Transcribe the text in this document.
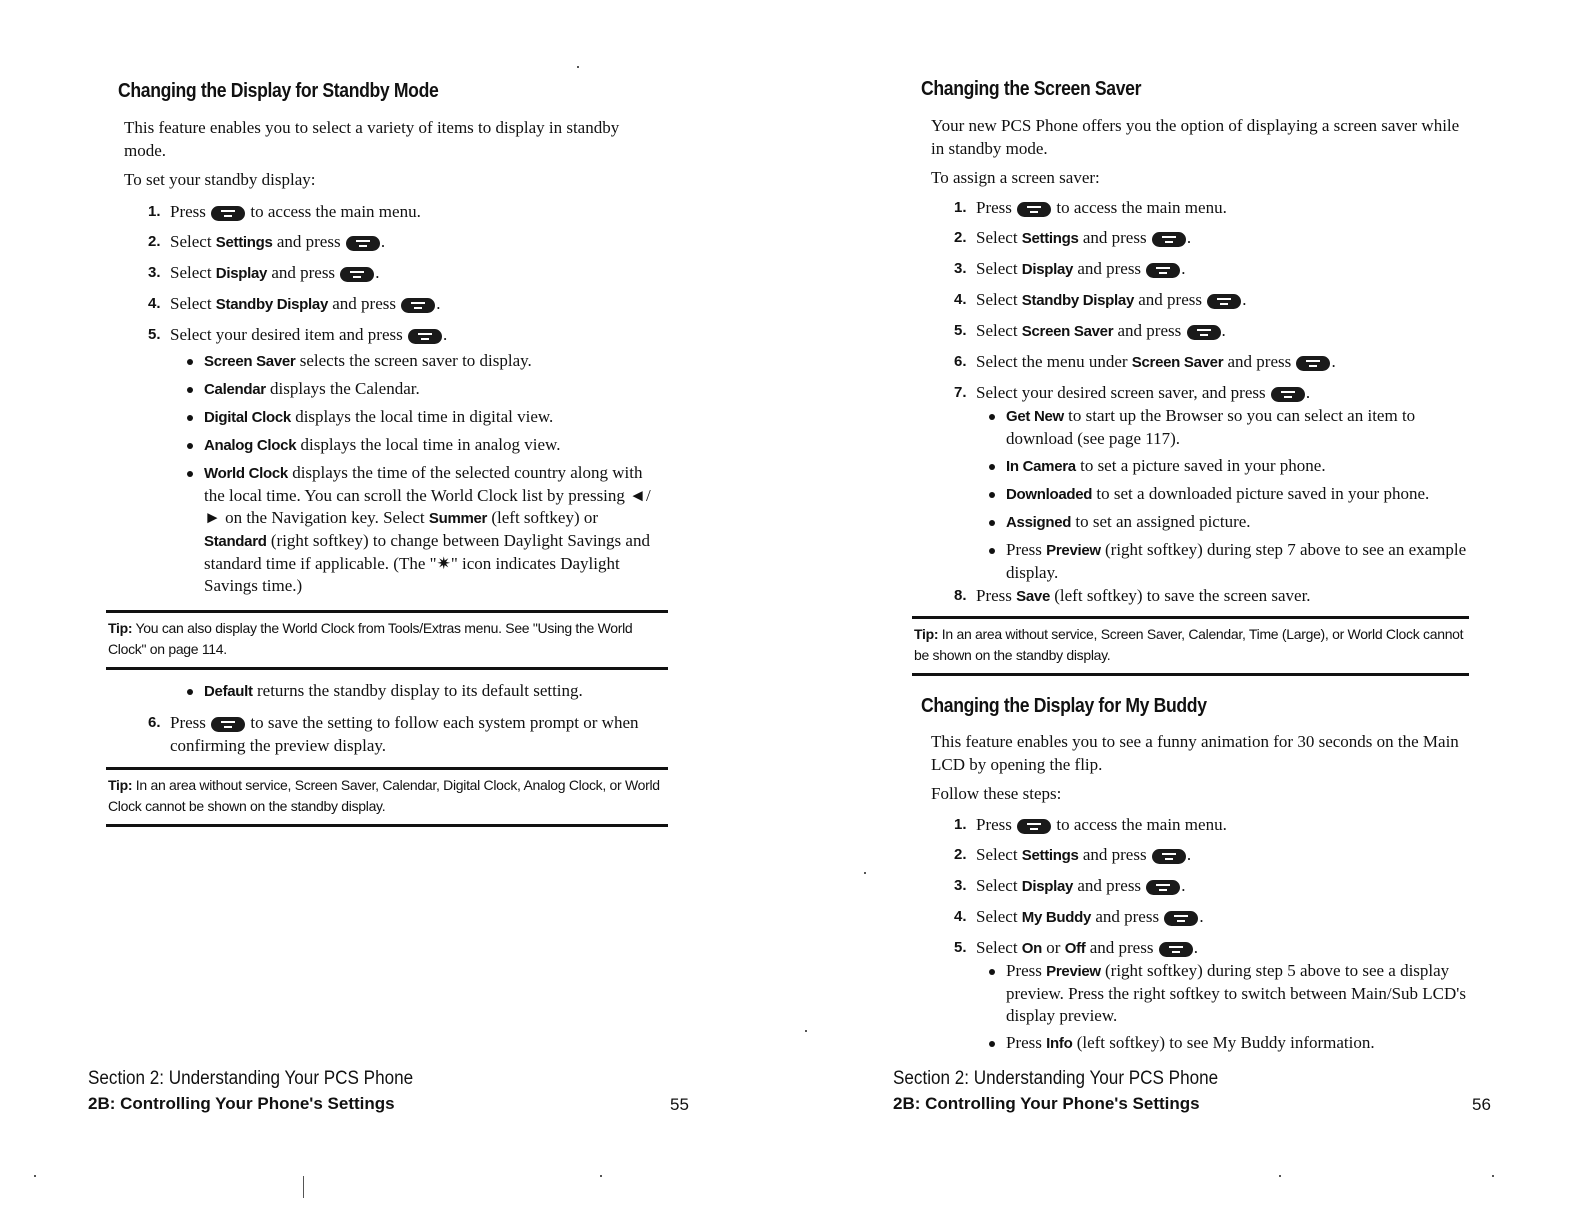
Changing the Display for Standby Mode

This feature enables you to select a variety of items to display in standby mode.

To set your standby display:

1. Press	to access the main menu.
2. Select Settings and press .
3. Select Display and press .
4. Select Standby Display and press .
5. Select your desired item and press .
Screen Saver selects the screen saver to display.
Calendar displays the Calendar.
Digital Clock displays the local time in digital view.
Analog Clock displays the local time in analog view.
World Clock displays the time of the selected country along with the local time. You can scroll the World Clock list by pressing ◄/► on the Navigation key. Select Summer (left softkey) or Standard (right softkey) to change between Daylight Savings and standard time if applicable. (The "✷" icon indicates Daylight Savings time.)
Tip: You can also display the World Clock from Tools/Extras menu. See "Using the World Clock" on page 114.
Default returns the standby display to its default setting.
6. Press	to save the setting to follow each system prompt or when confirming the preview display.
Tip: In an area without service, Screen Saver, Calendar, Digital Clock, Analog Clock, or World Clock cannot be shown on the standby display.
Section 2: Understanding Your PCS Phone
2B: Controlling Your Phone's Settings	55
Changing the Screen Saver

Your new PCS Phone offers you the option of displaying a screen saver while in standby mode.

To assign a screen saver:

1. Press	to access the main menu.
2. Select Settings and press .
3. Select Display and press .
4. Select Standby Display and press .
5. Select Screen Saver and press .
6. Select the menu under Screen Saver and press .
7. Select your desired screen saver, and press .
Get New to start up the Browser so you can select an item to download (see page 117).
In Camera to set a picture saved in your phone.
Downloaded to set a downloaded picture saved in your phone.
Assigned to set an assigned picture.
Press Preview (right softkey) during step 7 above to see an example display.
8. Press Save (left softkey) to save the screen saver.
Tip: In an area without service, Screen Saver, Calendar, Time (Large), or World Clock cannot be shown on the standby display.
Changing the Display for My Buddy

This feature enables you to see a funny animation for 30 seconds on the Main LCD by opening the flip.

Follow these steps:

1. Press	to access the main menu.
2. Select Settings and press .
3. Select Display and press .
4. Select My Buddy and press .
5. Select On or Off and press .
Press Preview (right softkey) during step 5 above to see a display preview. Press the right softkey to switch between Main/Sub LCD's display preview.
Press Info (left softkey) to see My Buddy information.
Section 2: Understanding Your PCS Phone
2B: Controlling Your Phone's Settings	56
